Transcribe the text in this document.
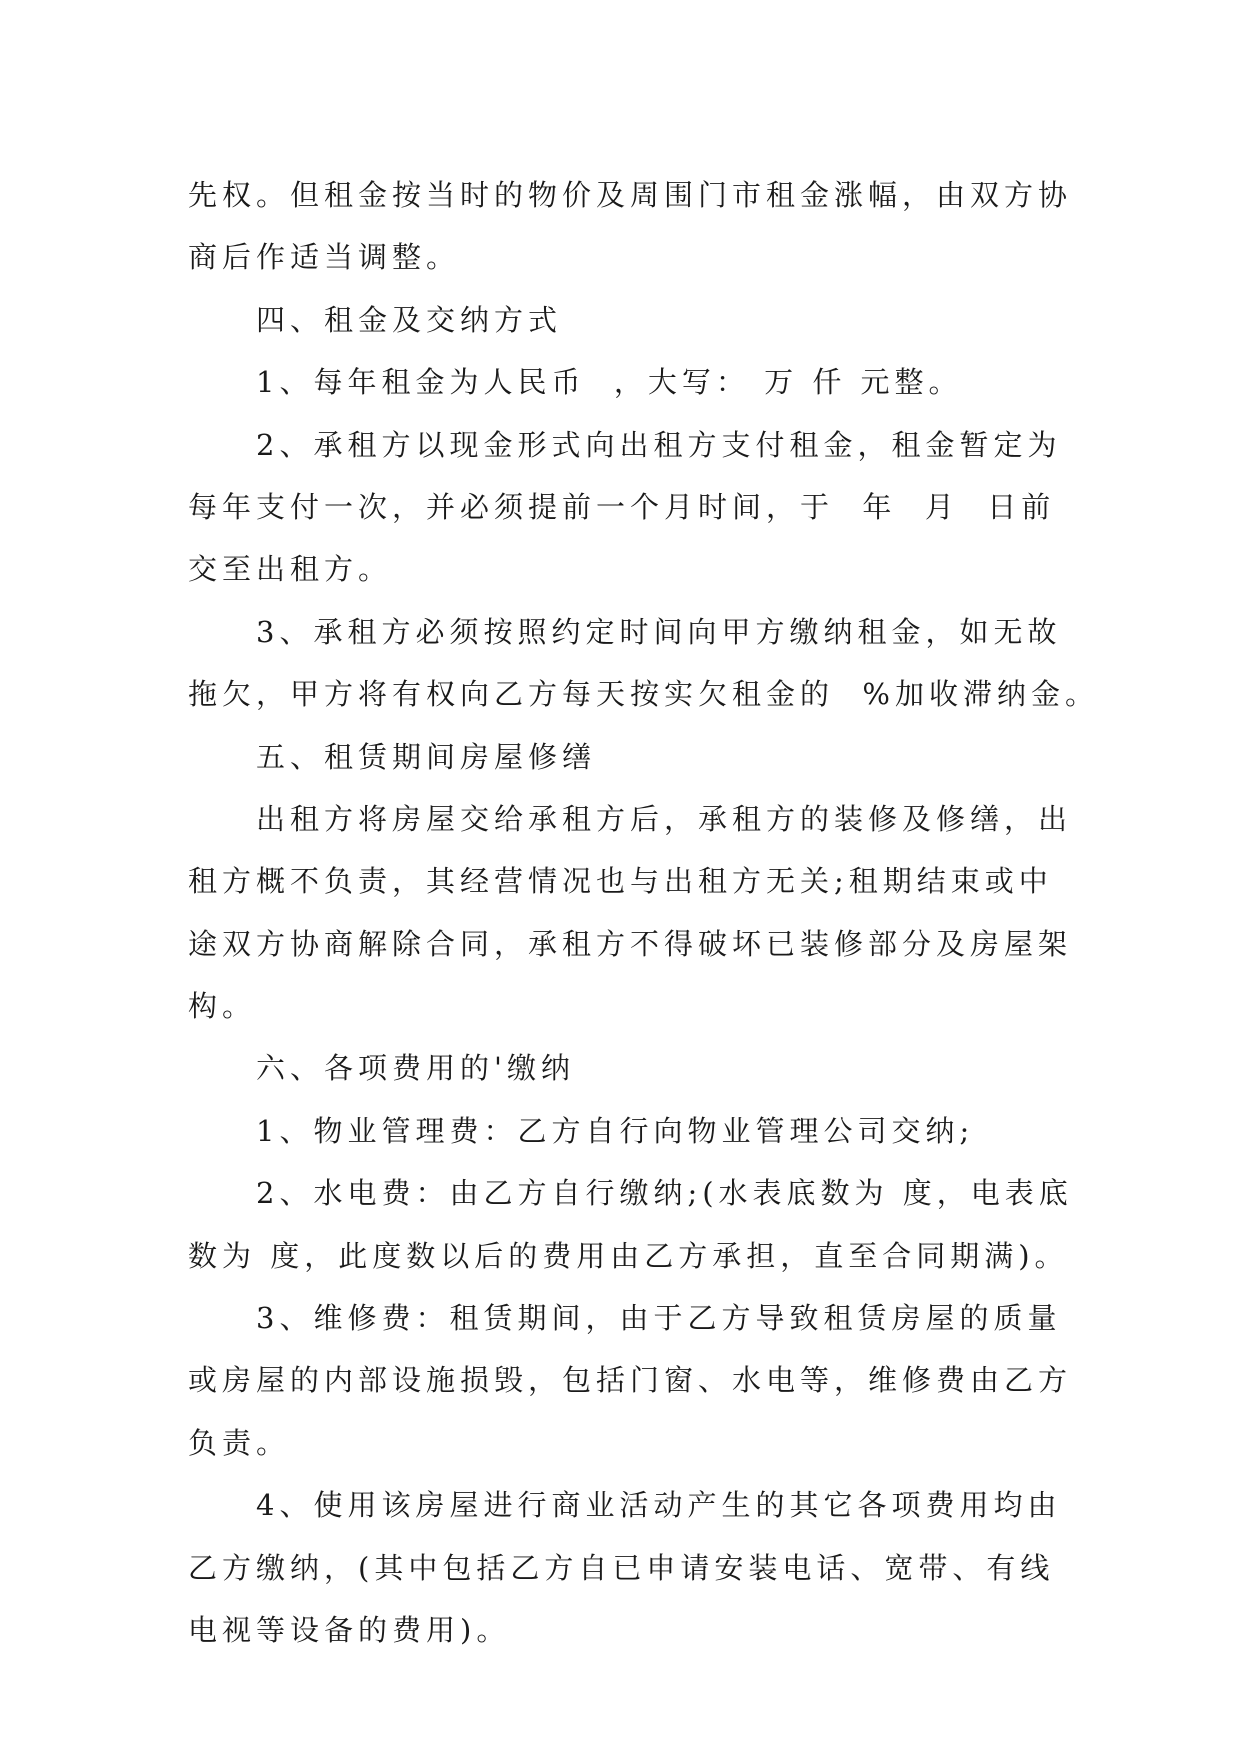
先权。但租金按当时的物价及周围门市租金涨幅，由双方协

商后作适当调整。

四、租金及交纳方式

1、每年租金为人民币  ，大写： 万 仟 元整。

2、承租方以现金形式向出租方支付租金，租金暂定为

每年支付一次，并必须提前一个月时间，于  年  月  日前

交至出租方。

3、承租方必须按照约定时间向甲方缴纳租金，如无故

拖欠，甲方将有权向乙方每天按实欠租金的  %加收滞纳金。

五、租赁期间房屋修缮

出租方将房屋交给承租方后，承租方的装修及修缮，出

租方概不负责，其经营情况也与出租方无关;租期结束或中

途双方协商解除合同，承租方不得破坏已装修部分及房屋架

构。

六、各项费用的'缴纳

1、物业管理费：乙方自行向物业管理公司交纳;

2、水电费：由乙方自行缴纳;(水表底数为 度，电表底

数为 度，此度数以后的费用由乙方承担，直至合同期满)。

3、维修费：租赁期间，由于乙方导致租赁房屋的质量

或房屋的内部设施损毁，包括门窗、水电等，维修费由乙方

负责。

4、使用该房屋进行商业活动产生的其它各项费用均由

乙方缴纳，(其中包括乙方自已申请安装电话、宽带、有线

电视等设备的费用)。
